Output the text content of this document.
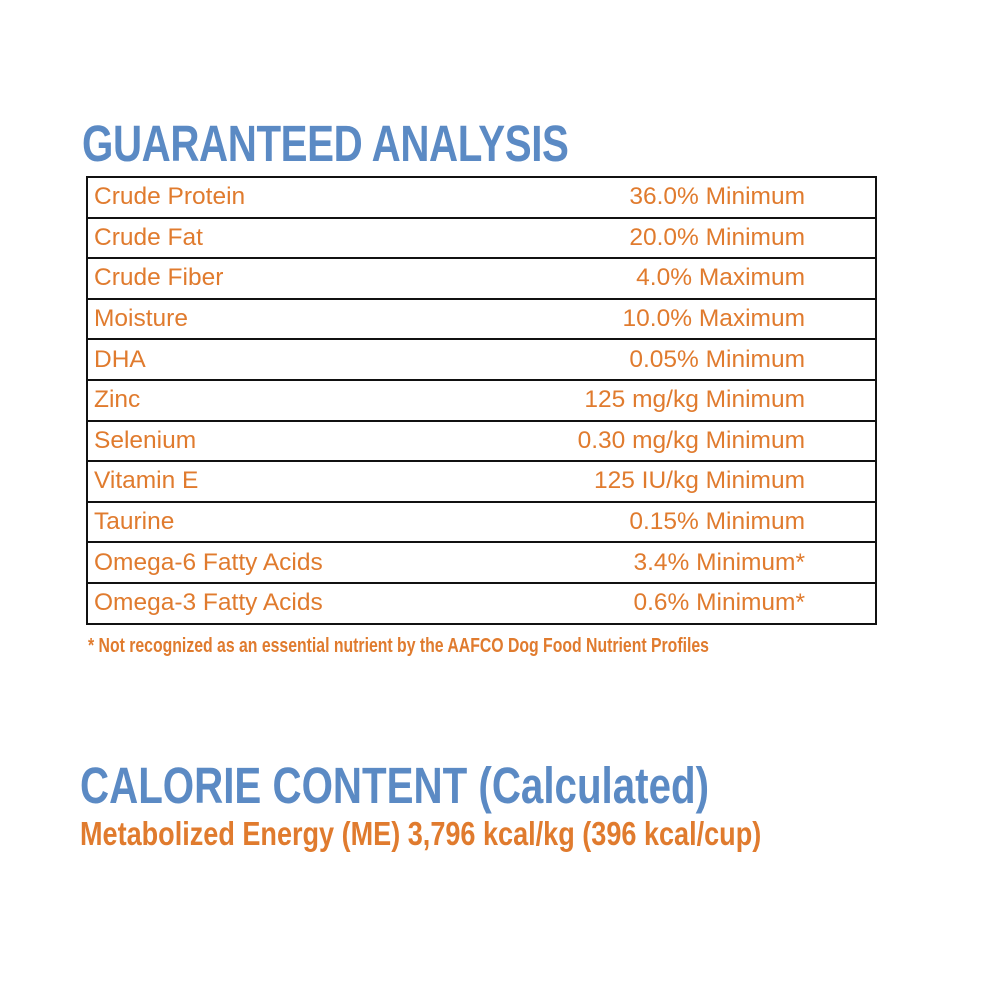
GUARANTEED ANALYSIS
Crude Protein	36.0% Minimum
Crude Fat	20.0% Minimum
Crude Fiber	4.0% Maximum
Moisture	10.0% Maximum
DHA	0.05% Minimum
Zinc	125 mg/kg Minimum
Selenium	0.30 mg/kg Minimum
Vitamin E	125 IU/kg Minimum
Taurine	0.15% Minimum
Omega-6 Fatty Acids	3.4% Minimum*
Omega-3 Fatty Acids	0.6% Minimum*

* Not recognized as an essential nutrient by the AAFCO Dog Food Nutrient Profiles

CALORIE CONTENT (Calculated)

Metabolized Energy (ME) 3,796 kcal/kg (396 kcal/cup)
